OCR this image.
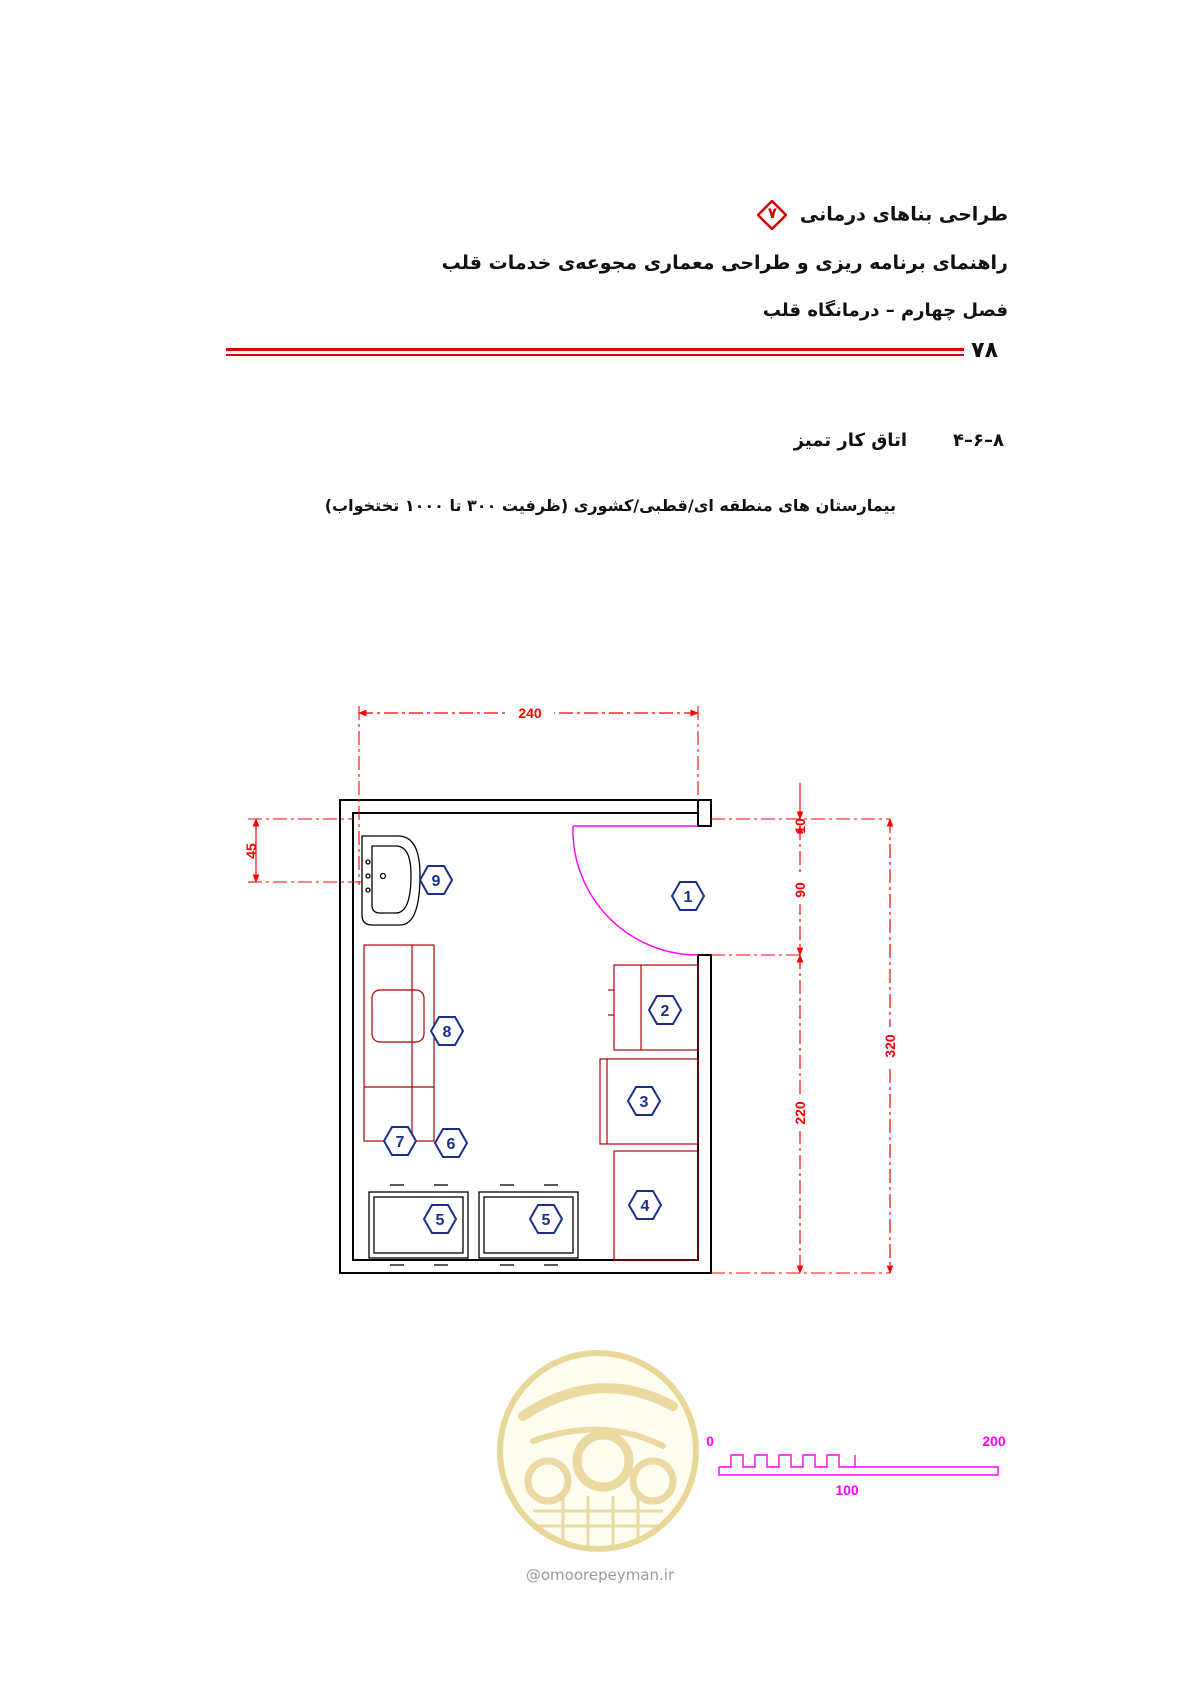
طراحی بناهای درمانی
۷
راهنمای برنامه ریزی و طراحی معماری مجوعه‌ی خدمات قلب
فصل چهارم – درمانگاه قلب
۷۸
۸–۶–۴اتاق کار تمیز
بیمارستان های منطقه ای/قطبی/کشوری (ظرفیت ۳۰۰ تا ۱۰۰۰ تختخواب)
1
2
3
4
5	5
6
7
8
9
240
45
10
90
220
320
0
100
200
@omoorepeyman.ir
